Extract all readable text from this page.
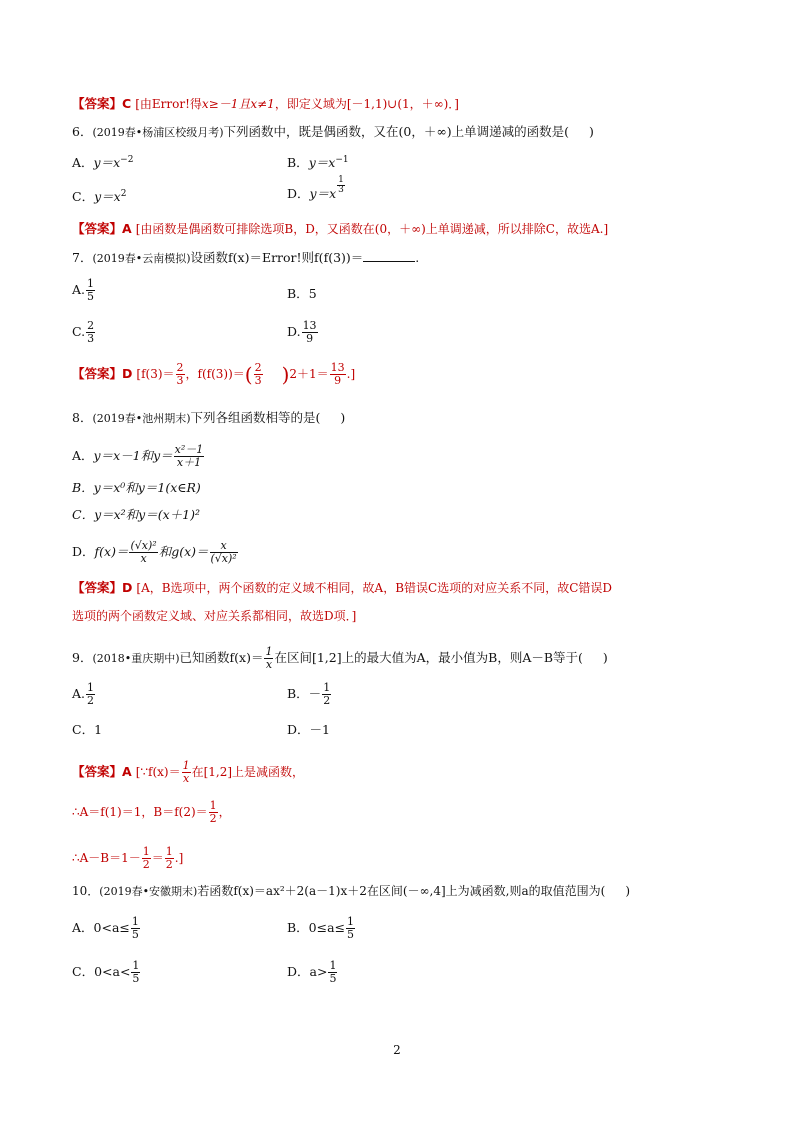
【答案】C [由Error!得x≥－1且x≠1，即定义域为[－1,1)∪(1，＋∞)．]
6．(2019春•杨浦区校级月考)下列函数中，既是偶函数，又在(0，＋∞)上单调递减的函数是( )
A．$y=x^{-2}$	B．$y=x^{-1}$
C．$y=x^2$	D．$y=x \frac{1}{3}$
【答案】A [由函数是偶函数可排除选项B，D，又函数在(0，＋∞)上单调递减，所以排除C，故选A.]
7．(2019春•云南模拟)设函数f(x)＝Error!则f(f(3))＝	.
A. $\frac{1}{5}$	B．5
C. $\frac{2}{3}$	D. $\frac{13}{9}$
【答案】D [$f(3)= \frac{2}{3}$ ，$f(f(3))=( \frac{2}{3} )2+1= \frac{13}{9}$ .]
8．(2019春•池州期末)下列各组函数相等的是( )
A．y＝x－1和$y= \frac{\text{x²－1}}{x+1}$
B．y＝x⁰和y＝1(x∈R)
C．y＝x²和y＝(x＋1)²
D．$f(x)= \frac{\text{(√x)²}}{x}$ 和$g(x)= \frac{x}{\text{(√x)²}}$
【答案】D [A，B选项中，两个函数的定义域不相同，故A，B错误C选项的对应关系不同，故C错误D
选项的两个函数定义域、对应关系都相同，故选D项．]
9．(2018•重庆期中)已知函数$f(x)= \frac{1}{x}$ 在区间[1,2]上的最大值为A，最小值为B，则A－B等于( )
A. $\frac{1}{2}$	B．－ $\frac{1}{2}$
C．1	D．－1
【答案】A [∵f(x)＝ $\frac{1}{x}$ 在[1,2]上是减函数，
∴A＝f(1)＝1，$B=f(2)= \frac{1}{2}$ ，
∴A－B＝1－ $\frac{1}{2} = \frac{1}{2}$ .]
10．(2019春•安徽期末)若函数f(x)＝ax²＋2(a－1)x＋2在区间(－∞,4]上为减函数,则a的取值范围为( )
A．$0<a\le \frac{1}{5}$	B．$0\le a\le \frac{1}{5}$
C．$0<a< \frac{1}{5}$	D．$a> \frac{1}{5}$
2
